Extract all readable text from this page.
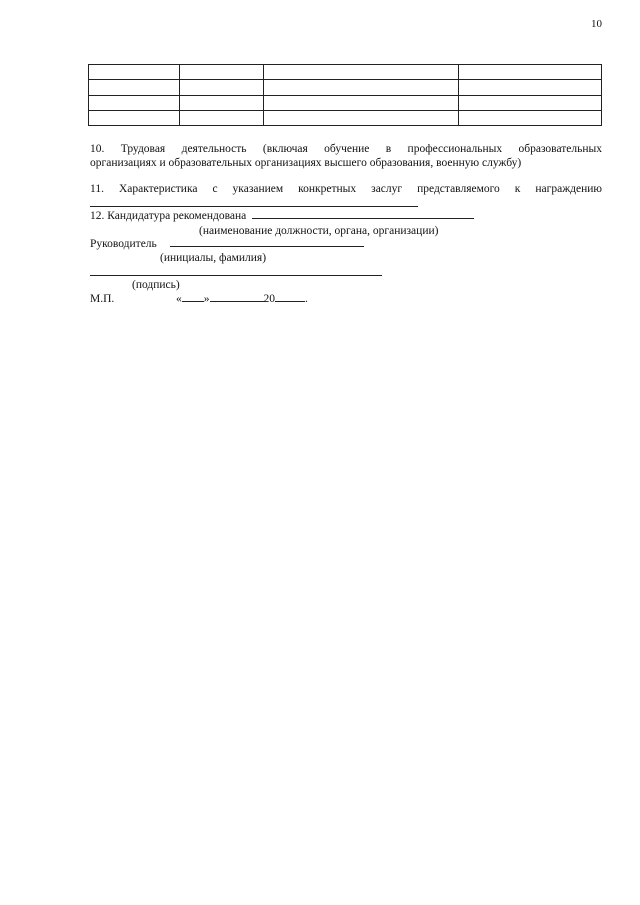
10

10. Трудовая деятельность (включая обучение в профессиональных образовательных
организациях и образовательных организациях высшего образования, военную службу)
11. Характеристика с указанием конкретных заслуг представляемого к награждению
12. Кандидатура рекомендована
(наименование должности, органа, организации)
Руководитель
(инициалы, фамилия)
(подпись)
М.П.	« »	20	.
